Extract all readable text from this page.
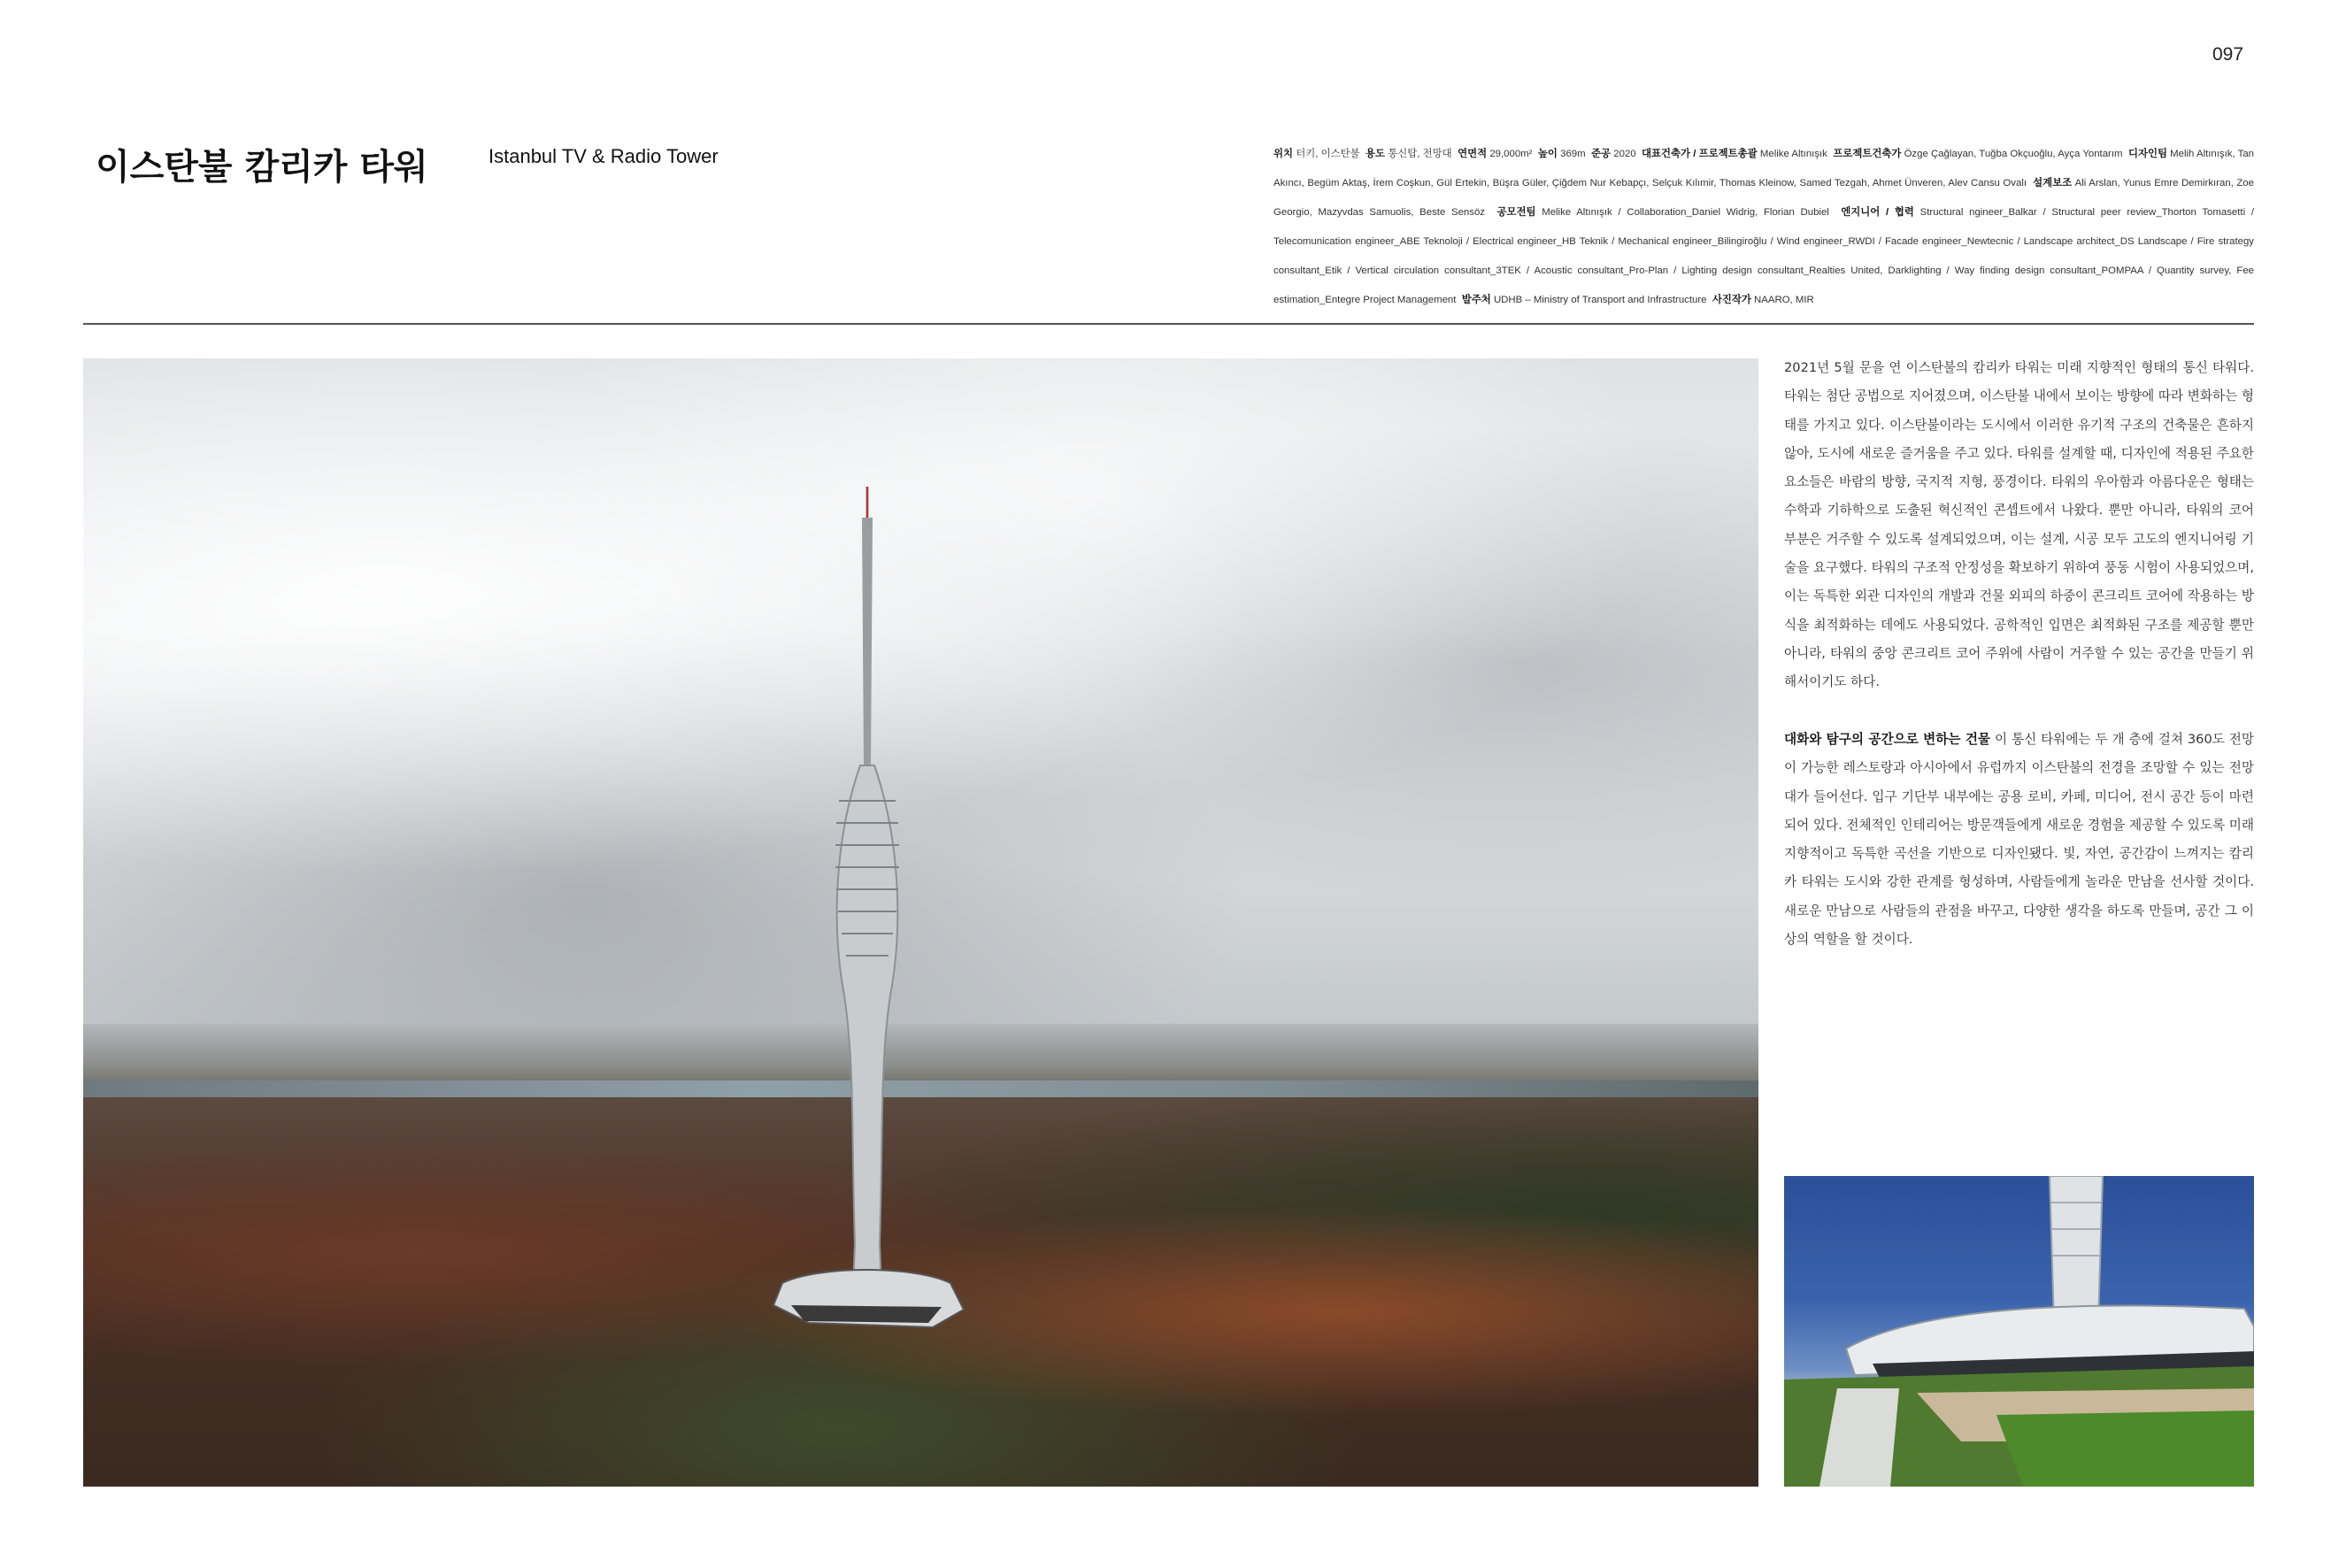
097
이스탄불 캄리카 타워	Istanbul TV & Radio Tower	위치 터키, 이스탄불 용도 통신탑, 전망대 연면적 29,000m² 높이 369m 준공 2020 대표건축가 / 프로젝트총괄 Melike Altınışık 프로젝트건축가 Özge Çağlayan, Tuğba Okçuoğlu, Ayça Yontarım 디자인팀 Melih Altınışık, Tan Akıncı, Begüm Aktaş, İrem Coşkun, Gül Ertekin, Büşra Güler, Çiğdem Nur Kebapçı, Selçuk Kılımir, Thomas Kleinow, Samed Tezgah, Ahmet Ünveren, Alev Cansu Ovalı 설계보조 Ali Arslan, Yunus Emre Demirkıran, Zoe Georgio, Mazyvdas Samuolis, Beste Sensöz 공모전팀 Melike Altınışık / Collaboration_Daniel Widrig, Florian Dubiel 엔지니어 / 협력 Structural ngineer_Balkar / Structural peer review_Thorton Tomasetti / Telecomunication engineer_ABE Teknoloji / Electrical engineer_HB Teknik / Mechanical engineer_Bilingiroğlu / Wind engineer_RWDI / Facade engineer_Newtecnic / Landscape architect_DS Landscape / Fire strategy consultant_Etik / Vertical circulation consultant_3TEK / Acoustic consultant_Pro-Plan / Lighting design consultant_Realties United, Darklighting / Way finding design consultant_POMPAA / Quantity survey, Fee estimation_Entegre Project Management 발주처 UDHB – Ministry of Transport and Infrastructure 사진작가 NAARO, MIR
2021년 5월 문을 연 이스탄불의 캄리카 타워는 미래 지향적인 형태의 통신 타워다. 타워는 첨단 공법으로 지어졌으며, 이스탄불 내에서 보이는 방향에 따라 변화하는 형태를 가지고 있다. 이스탄불이라는 도시에서 이러한 유기적 구조의 건축물은 흔하지 않아, 도시에 새로운 즐거움을 주고 있다. 타워를 설계할 때, 디자인에 적용된 주요한 요소들은 바람의 방향, 국지적 지형, 풍경이다. 타워의 우아함과 아름다운은 형태는 수학과 기하학으로 도출된 혁신적인 콘셉트에서 나왔다. 뿐만 아니라, 타워의 코어 부분은 거주할 수 있도록 설계되었으며, 이는 설계, 시공 모두 고도의 엔지니어링 기술을 요구했다. 타워의 구조적 안정성을 확보하기 위하여 풍동 시험이 사용되었으며, 이는 독특한 외관 디자인의 개발과 건물 외피의 하중이 콘크리트 코어에 작용하는 방식을 최적화하는 데에도 사용되었다. 공학적인 입면은 최적화된 구조를 제공할 뿐만 아니라, 타워의 중앙 콘크리트 코어 주위에 사람이 거주할 수 있는 공간을 만들기 위해서이기도 하다.
대화와 탐구의 공간으로 변하는 건물 이 통신 타워에는 두 개 층에 걸쳐 360도 전망이 가능한 레스토랑과 아시아에서 유럽까지 이스탄불의 전경을 조망할 수 있는 전망대가 들어선다. 입구 기단부 내부에는 공용 로비, 카페, 미디어, 전시 공간 등이 마련되어 있다. 전체적인 인테리어는 방문객들에게 새로운 경험을 제공할 수 있도록 미래지향적이고 독특한 곡선을 기반으로 디자인됐다. 빛, 자연, 공간감이 느껴지는 캄리카 타워는 도시와 강한 관계를 형성하며, 사람들에게 놀라운 만남을 선사할 것이다. 새로운 만남으로 사람들의 관점을 바꾸고, 다양한 생각을 하도록 만들며, 공간 그 이상의 역할을 할 것이다.
